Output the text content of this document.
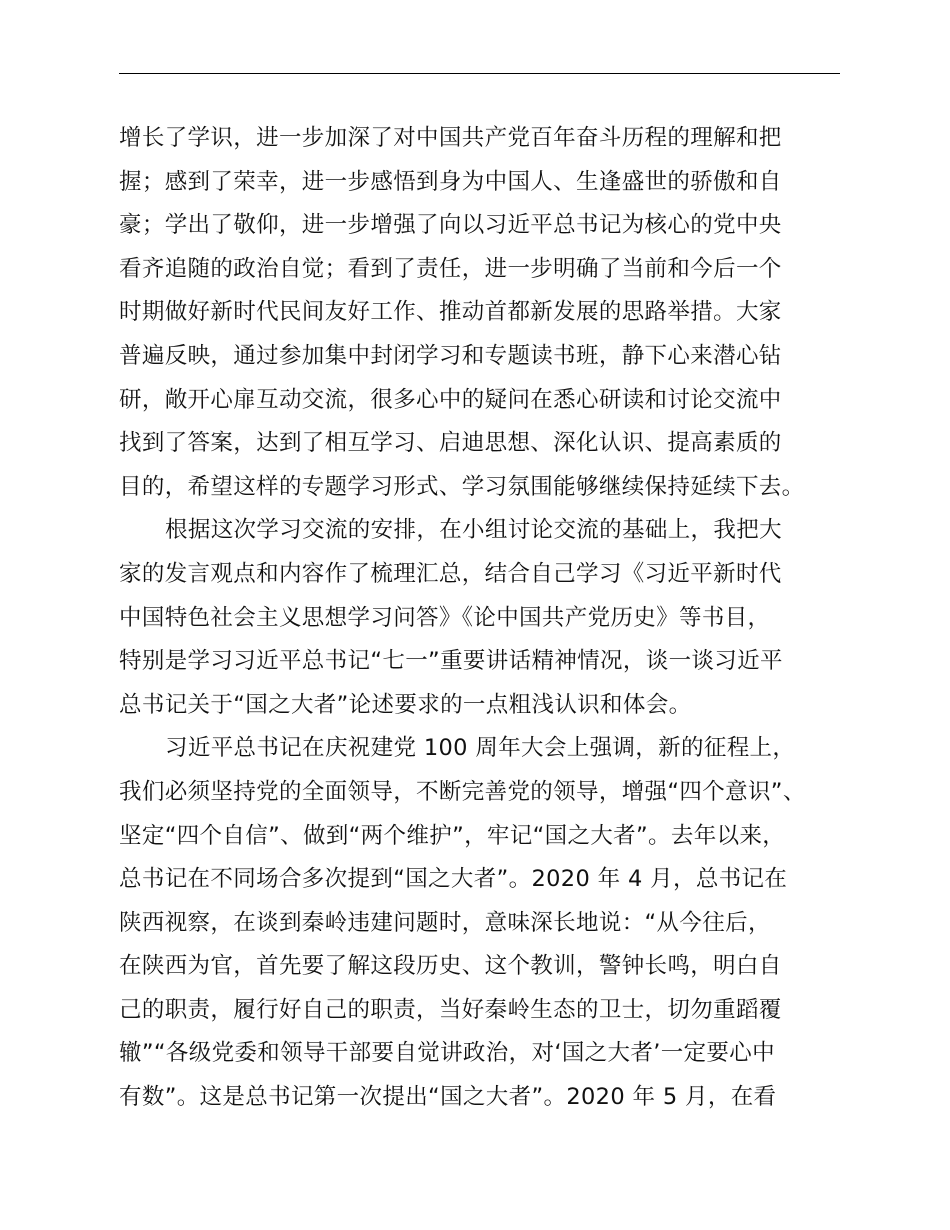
增长了学识，进一步加深了对中国共产党百年奋斗历程的理解和把
握；感到了荣幸，进一步感悟到身为中国人、生逢盛世的骄傲和自
豪；学出了敬仰，进一步增强了向以习近平总书记为核心的党中央
看齐追随的政治自觉；看到了责任，进一步明确了当前和今后一个
时期做好新时代民间友好工作、推动首都新发展的思路举措。大家
普遍反映，通过参加集中封闭学习和专题读书班，静下心来潜心钻
研，敞开心扉互动交流，很多心中的疑问在悉心研读和讨论交流中
找到了答案，达到了相互学习、启迪思想、深化认识、提高素质的
目的，希望这样的专题学习形式、学习氛围能够继续保持延续下去。
根据这次学习交流的安排，在小组讨论交流的基础上，我把大
家的发言观点和内容作了梳理汇总，结合自己学习《习近平新时代
中国特色社会主义思想学习问答》《论中国共产党历史》等书目，
特别是学习习近平总书记“七一”重要讲话精神情况，谈一谈习近平
总书记关于“国之大者”论述要求的一点粗浅认识和体会。
习近平总书记在庆祝建党 100 周年大会上强调，新的征程上，
我们必须坚持党的全面领导，不断完善党的领导，增强“四个意识”、
坚定“四个自信”、做到“两个维护”，牢记“国之大者”。去年以来，
总书记在不同场合多次提到“国之大者”。2020 年 4 月，总书记在
陕西视察，在谈到秦岭违建问题时，意味深长地说：“从今往后，
在陕西为官，首先要了解这段历史、这个教训，警钟长鸣，明白自
己的职责，履行好自己的职责，当好秦岭生态的卫士，切勿重蹈覆
辙”“各级党委和领导干部要自觉讲政治，对‘国之大者’一定要心中
有数”。这是总书记第一次提出“国之大者”。2020 年 5 月，在看
